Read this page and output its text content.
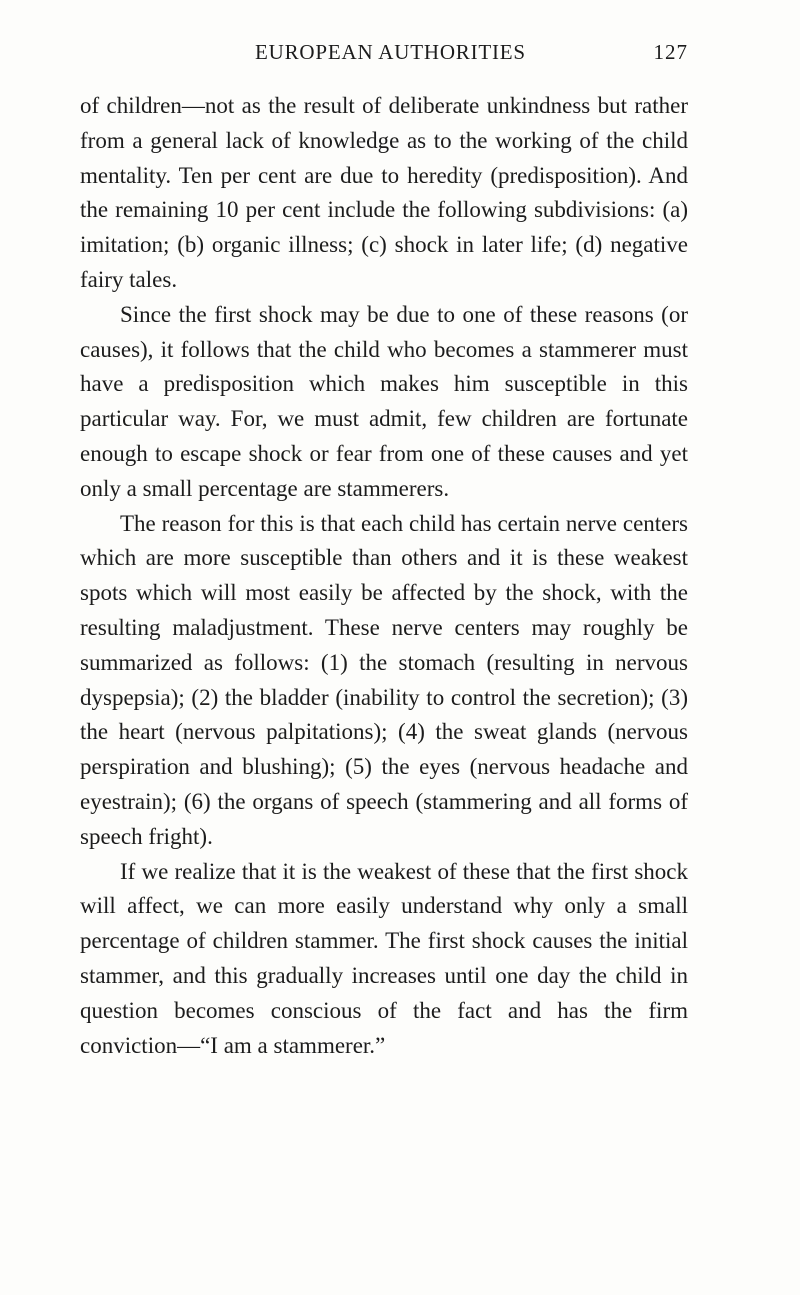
EUROPEAN AUTHORITIES	127

of children—not as the result of deliberate unkindness but rather from a general lack of knowledge as to the working of the child mentality. Ten per cent are due to heredity (predisposition). And the remaining 10 per cent include the following subdivisions: (a) imitation; (b) organic illness; (c) shock in later life; (d) negative fairy tales.

Since the first shock may be due to one of these reasons (or causes), it follows that the child who becomes a stammerer must have a predisposition which makes him susceptible in this particular way. For, we must admit, few children are fortunate enough to escape shock or fear from one of these causes and yet only a small percentage are stammerers.

The reason for this is that each child has certain nerve centers which are more susceptible than others and it is these weakest spots which will most easily be affected by the shock, with the resulting maladjustment. These nerve centers may roughly be summarized as follows: (1) the stomach (resulting in nervous dyspepsia); (2) the bladder (inability to control the secretion); (3) the heart (nervous palpitations); (4) the sweat glands (nervous perspiration and blushing); (5) the eyes (nervous headache and eyestrain); (6) the organs of speech (stammering and all forms of speech fright).

If we realize that it is the weakest of these that the first shock will affect, we can more easily understand why only a small percentage of children stammer. The first shock causes the initial stammer, and this gradually increases until one day the child in question becomes conscious of the fact and has the firm conviction—“I am a stammerer.”
